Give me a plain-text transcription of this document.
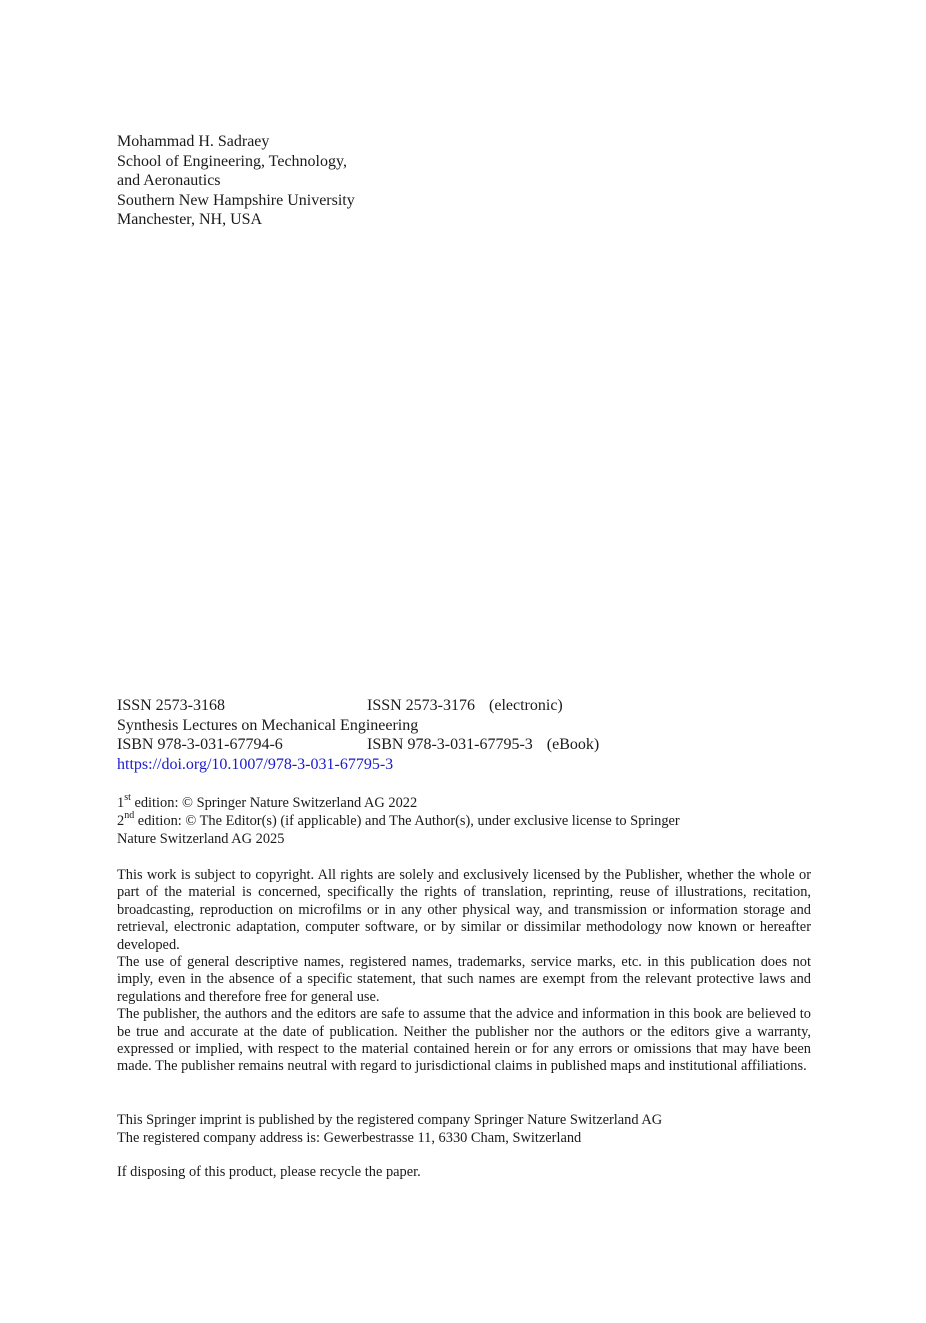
Mohammad H. Sadraey
School of Engineering, Technology,
and Aeronautics
Southern New Hampshire University
Manchester, NH, USA
ISSN 2573-3168	ISSN 2573-3176 (electronic)
Synthesis Lectures on Mechanical Engineering
ISBN 978-3-031-67794-6	ISBN 978-3-031-67795-3 (eBook)
https://doi.org/10.1007/978-3-031-67795-3
1st edition: © Springer Nature Switzerland AG 2022
2nd edition: © The Editor(s) (if applicable) and The Author(s), under exclusive license to Springer
Nature Switzerland AG 2025

This work is subject to copyright. All rights are solely and exclusively licensed by the Publisher, whether the whole or part of the material is concerned, specifically the rights of translation, reprinting, reuse of illustrations, recitation, broadcasting, reproduction on microfilms or in any other physical way, and transmission or information storage and retrieval, electronic adaptation, computer software, or by similar or dissimilar methodology now known or hereafter developed.

The use of general descriptive names, registered names, trademarks, service marks, etc. in this publication does not imply, even in the absence of a specific statement, that such names are exempt from the relevant protective laws and regulations and therefore free for general use.

The publisher, the authors and the editors are safe to assume that the advice and information in this book are believed to be true and accurate at the date of publication. Neither the publisher nor the authors or the editors give a warranty, expressed or implied, with respect to the material contained herein or for any errors or omissions that may have been made. The publisher remains neutral with regard to jurisdictional claims in published maps and institutional affiliations.

This Springer imprint is published by the registered company Springer Nature Switzerland AG
The registered company address is: Gewerbestrasse 11, 6330 Cham, Switzerland
If disposing of this product, please recycle the paper.
